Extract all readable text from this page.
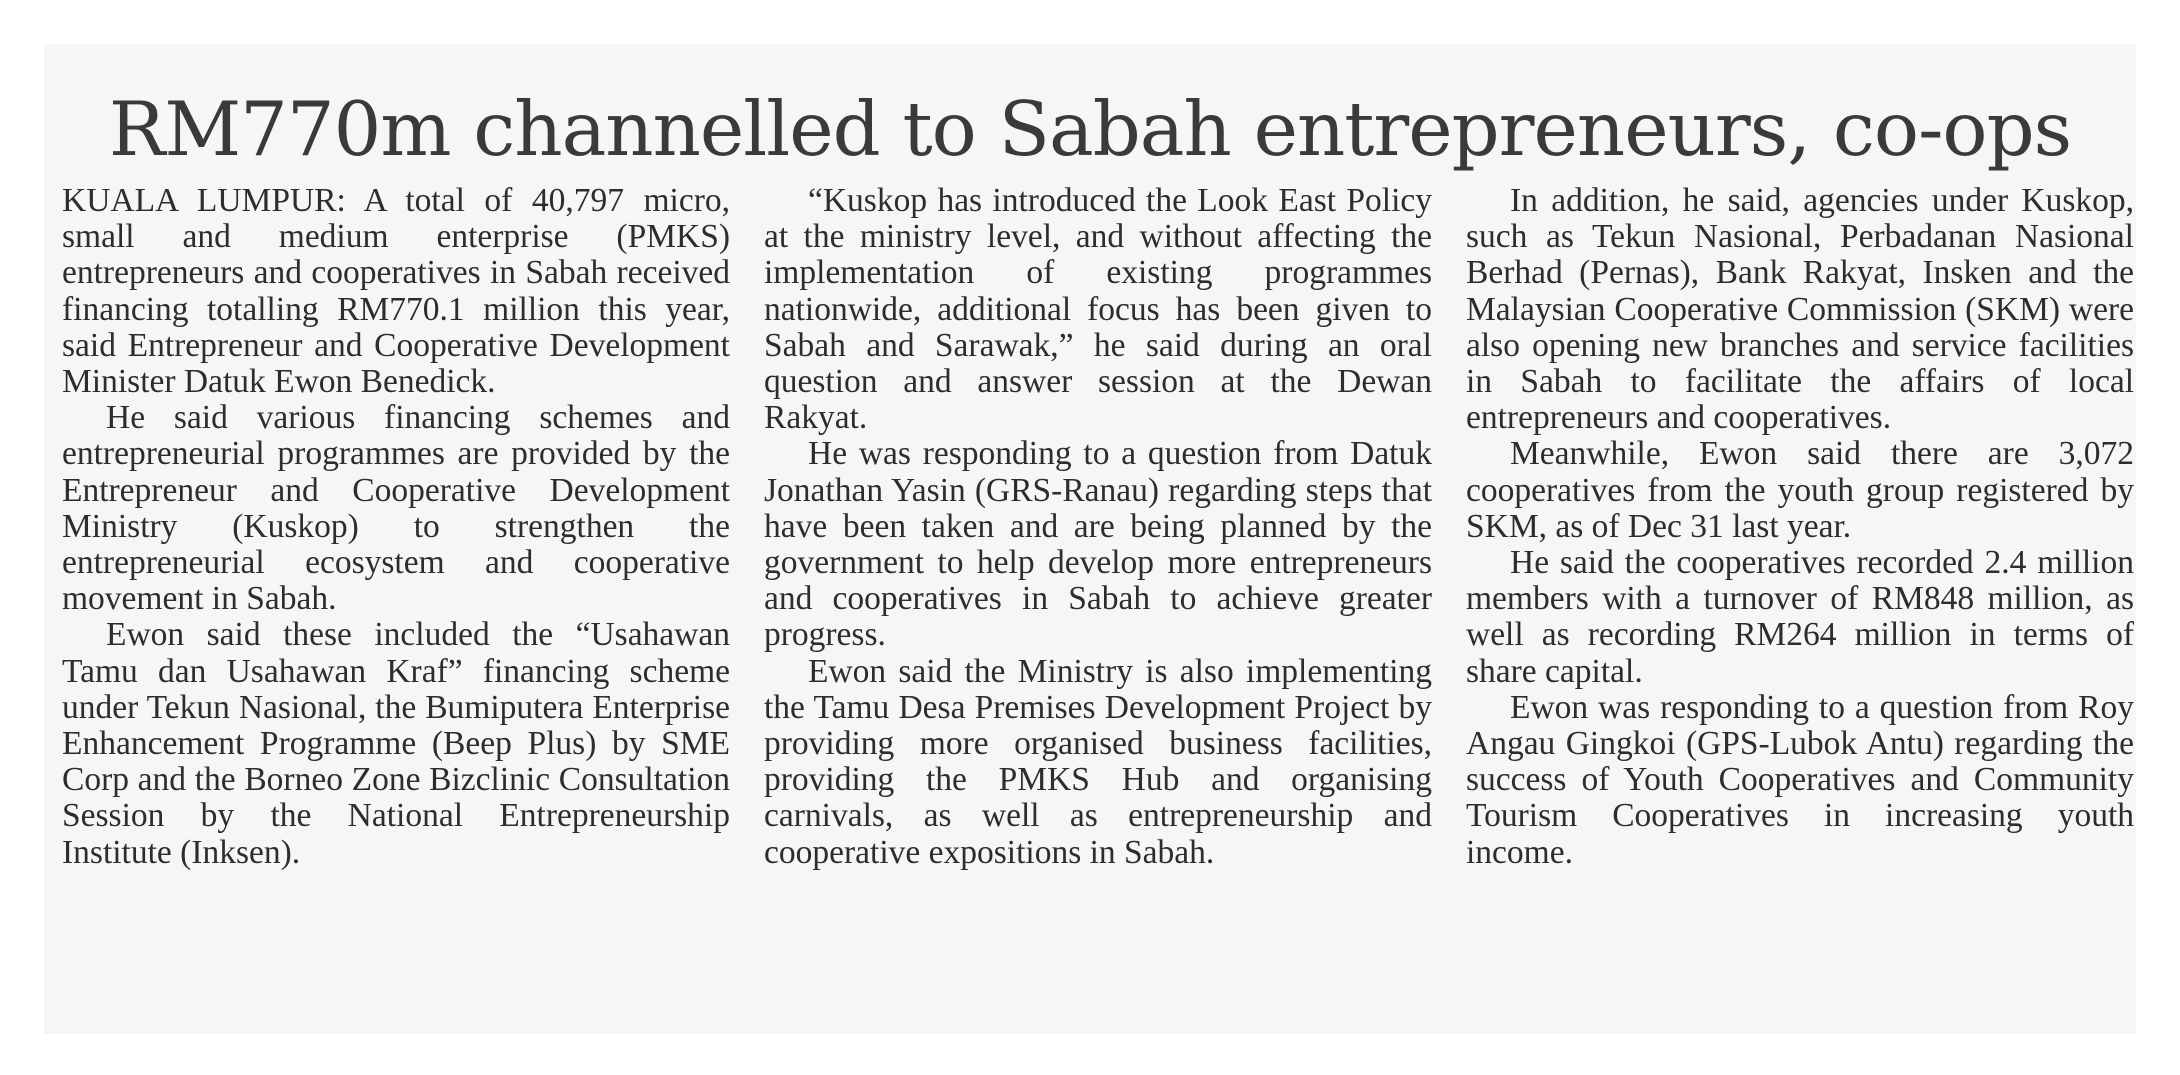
RM770m channelled to Sabah entrepreneurs, co-ops

KUALA LUMPUR: A total of 40,797 micro, small and medium enterprise (PMKS) entrepreneurs and cooperatives in Sabah received financing totalling RM770.1 million this year, said Entrepreneur and Cooperative Development Minister Datuk Ewon Benedick.

He said various financing schemes and entrepreneurial programmes are provided by the Entrepreneur and Cooperative Development Ministry (Kuskop) to strengthen the entrepreneurial ecosystem and cooperative movement in Sabah.

Ewon said these included the “Usahawan Tamu dan Usahawan Kraf” financing scheme under Tekun Nasional, the Bumiputera Enterprise Enhancement Programme (Beep Plus) by SME Corp and the Borneo Zone Bizclinic Consultation Session by the National Entrepreneurship Institute (Inksen).

“Kuskop has introduced the Look East Policy at the ministry level, and without affecting the implementation of existing programmes nationwide, additional focus has been given to Sabah and Sarawak,” he said during an oral question and answer session at the Dewan Rakyat.

He was responding to a question from Datuk Jonathan Yasin (GRS-Ranau) regarding steps that have been taken and are being planned by the government to help develop more entrepreneurs and cooperatives in Sabah to achieve greater progress.

Ewon said the Ministry is also implementing the Tamu Desa Premises Development Project by providing more organised business facilities, providing the PMKS Hub and organising carnivals, as well as entrepreneurship and cooperative expositions in Sabah.

In addition, he said, agencies under Kuskop, such as Tekun Nasional, Perbadanan Nasional Berhad (Pernas), Bank Rakyat, Insken and the Malaysian Cooperative Commission (SKM) were also opening new branches and service facilities in Sabah to facilitate the affairs of local entrepreneurs and cooperatives.

Meanwhile, Ewon said there are 3,072 cooperatives from the youth group registered by SKM, as of Dec 31 last year.

He said the cooperatives recorded 2.4 million members with a turnover of RM848 million, as well as recording RM264 million in terms of share capital.

Ewon was responding to a question from Roy Angau Gingkoi (GPS-Lubok Antu) regarding the success of Youth Cooperatives and Community Tourism Cooperatives in increasing youth income.
